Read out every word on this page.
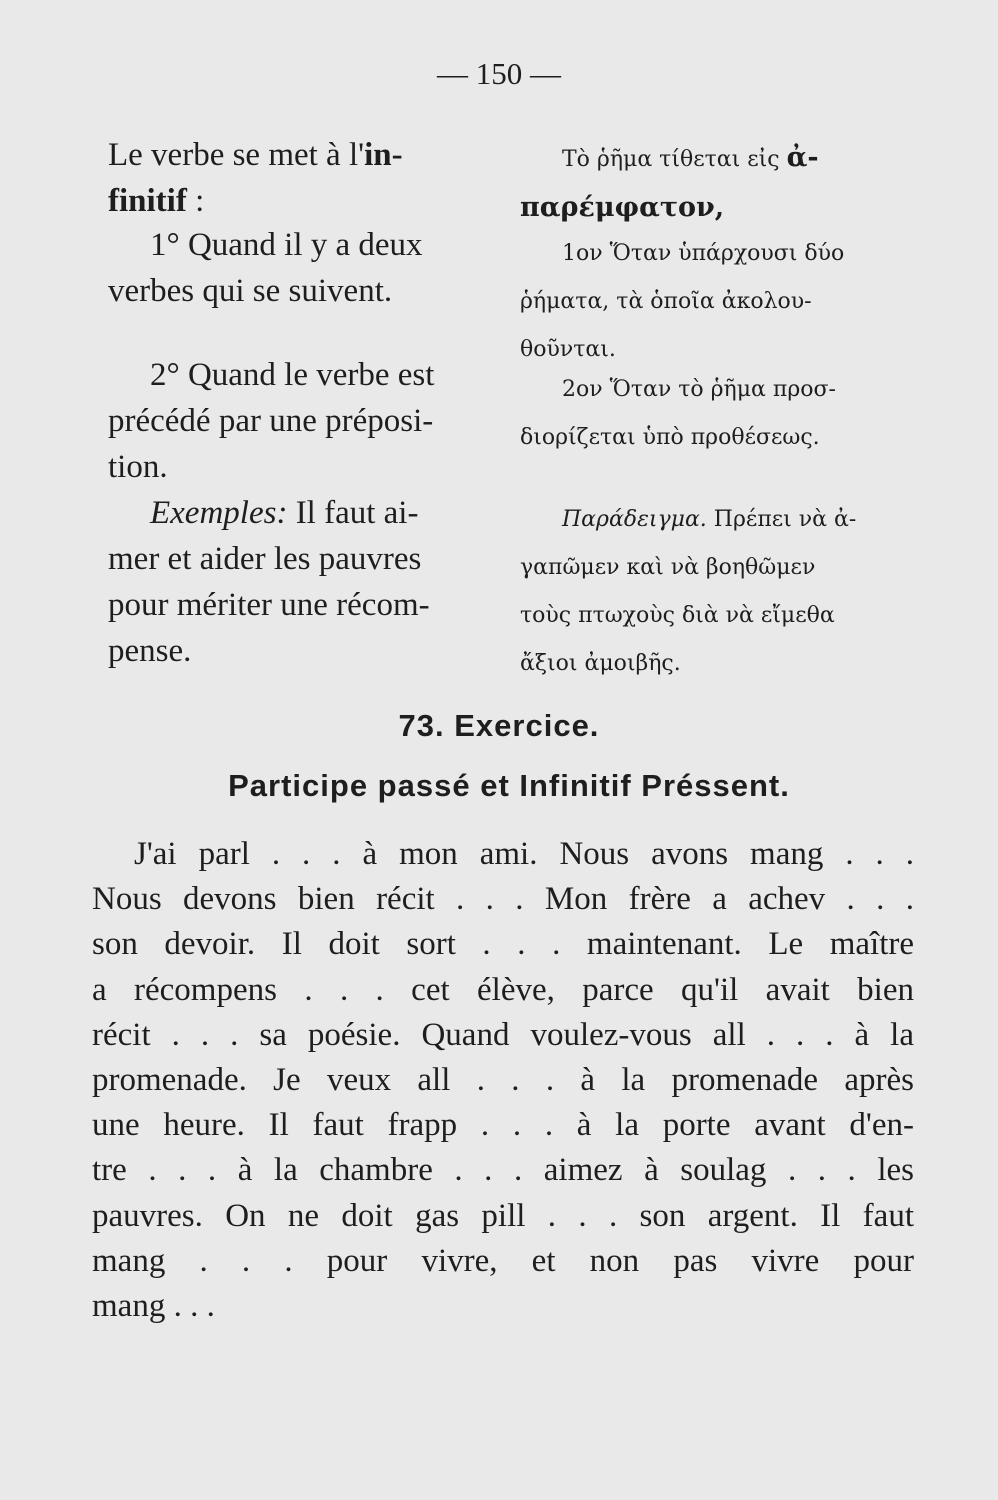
— 150 —
Le verbe se met à l'in-
finitif :
1° Quand il y a deux
verbes qui se suivent.
2° Quand le verbe est
précédé par une préposi-
tion.
Exemples: Il faut ai-
mer et aider les pauvres
pour mériter une récom-
pense.
Τὸ ῥῆμα τίθεται εἰς ἀ-
παρέμφατον,
1ον Ὅταν ὑπάρχουσι δύο
ῥήματα, τὰ ὁποῖα ἀκολου-
θοῦνται.
2ον Ὅταν τὸ ῥῆμα προσ-
διορίζεται ὑπὸ προθέσεως.
Παράδειγμα. Πρέπει νὰ ἀ-
γαπῶμεν καὶ νὰ βοηθῶμεν
τοὺς πτωχοὺς διὰ νὰ εἴμεθα
ἄξιοι ἀμοιβῆς.
73. Exercice.
Participe passé et Infinitif Préssent.
J'ai parl . . . à mon ami. Nous avons mang . . .
Nous devons bien récit . . . Mon frère a achev . . .
son devoir. Il doit sort . . . maintenant. Le maître
a récompens . . . cet élève, parce qu'il avait bien
récit . . . sa poésie. Quand voulez-vous all . . . à la
promenade. Je veux all . . . à la promenade après
une heure. Il faut frapp . . . à la porte avant d'en-
tre . . . à la chambre . . . aimez à soulag . . . les
pauvres. On ne doit gas pill . . . son argent. Il faut
mang . . . pour vivre, et non pas vivre pour
mang . . .
